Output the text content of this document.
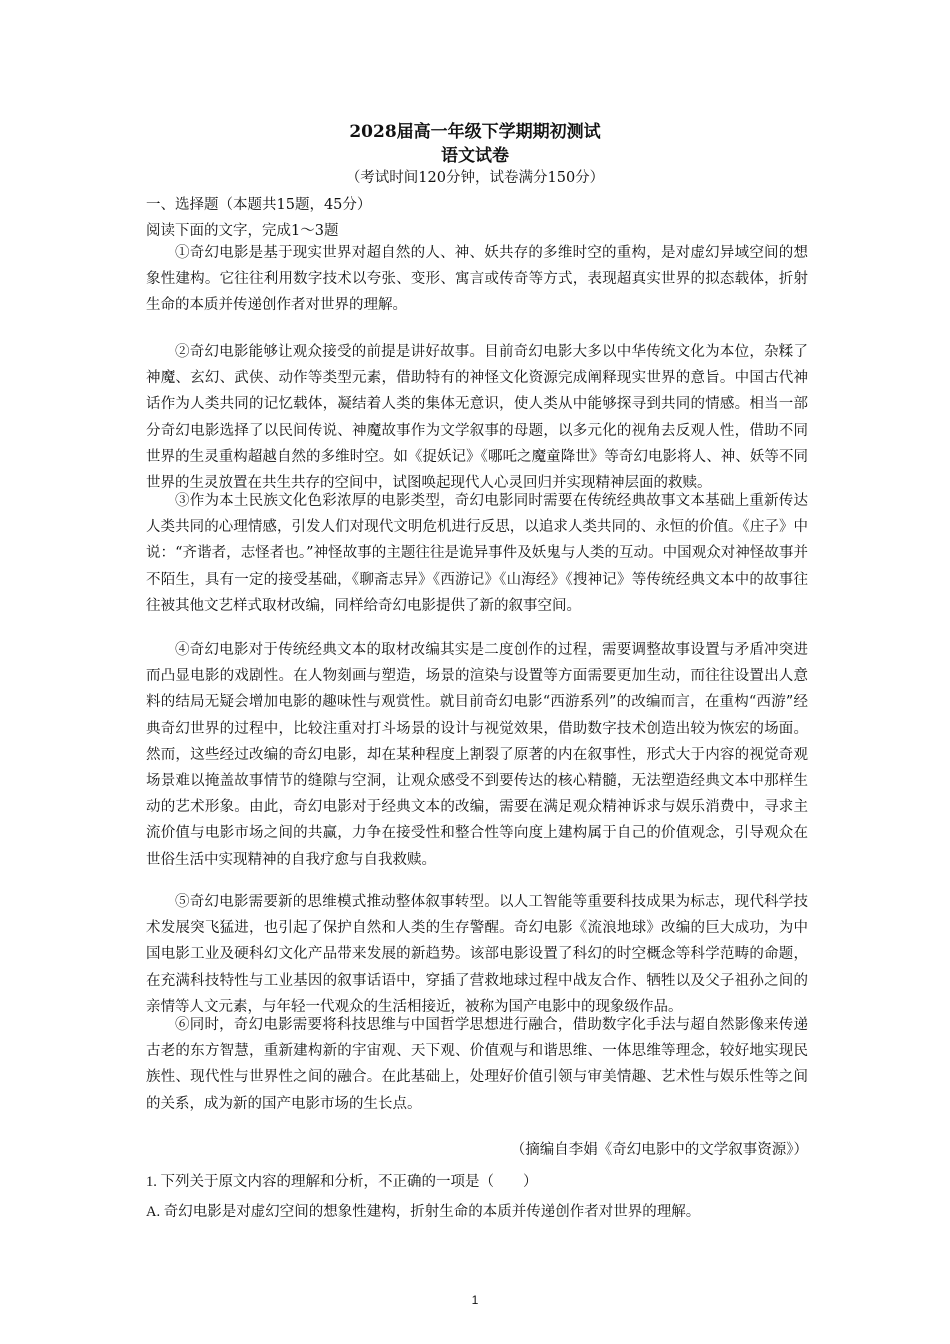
2028届高一年级下学期期初测试
语文试卷
（考试时间120分钟，试卷满分150分）
一、选择题（本题共15题，45分）
阅读下面的文字，完成1～3题

①奇幻电影是基于现实世界对超自然的人、神、妖共存的多维时空的重构，是对虚幻异域空间的想象性建构。它往往利用数字技术以夸张、变形、寓言或传奇等方式，表现超真实世界的拟态载体，折射生命的本质并传递创作者对世界的理解。

②奇幻电影能够让观众接受的前提是讲好故事。目前奇幻电影大多以中华传统文化为本位，杂糅了神魔、玄幻、武侠、动作等类型元素，借助特有的神怪文化资源完成阐释现实世界的意旨。中国古代神话作为人类共同的记忆载体，凝结着人类的集体无意识，使人类从中能够探寻到共同的情感。相当一部分奇幻电影选择了以民间传说、神魔故事作为文学叙事的母题，以多元化的视角去反观人性，借助不同世界的生灵重构超越自然的多维时空。如《捉妖记》《哪吒之魔童降世》等奇幻电影将人、神、妖等不同世界的生灵放置在共生共存的空间中，试图唤起现代人心灵回归并实现精神层面的救赎。

③作为本土民族文化色彩浓厚的电影类型，奇幻电影同时需要在传统经典故事文本基础上重新传达人类共同的心理情感，引发人们对现代文明危机进行反思，以追求人类共同的、永恒的价值。《庄子》中说：“齐谐者，志怪者也。”神怪故事的主题往往是诡异事件及妖鬼与人类的互动。中国观众对神怪故事并不陌生，具有一定的接受基础，《聊斋志异》《西游记》《山海经》《搜神记》等传统经典文本中的故事往往被其他文艺样式取材改编，同样给奇幻电影提供了新的叙事空间。

④奇幻电影对于传统经典文本的取材改编其实是二度创作的过程，需要调整故事设置与矛盾冲突进而凸显电影的戏剧性。在人物刻画与塑造，场景的渲染与设置等方面需要更加生动，而往往设置出人意料的结局无疑会增加电影的趣味性与观赏性。就目前奇幻电影“西游系列”的改编而言，在重构“西游”经典奇幻世界的过程中，比较注重对打斗场景的设计与视觉效果，借助数字技术创造出较为恢宏的场面。然而，这些经过改编的奇幻电影，却在某种程度上割裂了原著的内在叙事性，形式大于内容的视觉奇观场景难以掩盖故事情节的缝隙与空洞，让观众感受不到要传达的核心精髓，无法塑造经典文本中那样生动的艺术形象。由此，奇幻电影对于经典文本的改编，需要在满足观众精神诉求与娱乐消费中，寻求主流价值与电影市场之间的共赢，力争在接受性和整合性等向度上建构属于自己的价值观念，引导观众在世俗生活中实现精神的自我疗愈与自我救赎。

⑤奇幻电影需要新的思维模式推动整体叙事转型。以人工智能等重要科技成果为标志，现代科学技术发展突飞猛进，也引起了保护自然和人类的生存警醒。奇幻电影《流浪地球》改编的巨大成功，为中国电影工业及硬科幻文化产品带来发展的新趋势。该部电影设置了科幻的时空概念等科学范畴的命题，在充满科技特性与工业基因的叙事话语中，穿插了营救地球过程中战友合作、牺牲以及父子祖孙之间的亲情等人文元素，与年轻一代观众的生活相接近，被称为国产电影中的现象级作品。

⑥同时，奇幻电影需要将科技思维与中国哲学思想进行融合，借助数字化手法与超自然影像来传递古老的东方智慧，重新建构新的宇宙观、天下观、价值观与和谐思维、一体思维等理念，较好地实现民族性、现代性与世界性之间的融合。在此基础上，处理好价值引领与审美情趣、艺术性与娱乐性等之间的关系，成为新的国产电影市场的生长点。

（摘编自李娟《奇幻电影中的文学叙事资源》）
1. 下列关于原文内容的理解和分析，不正确的一项是（　　）
A. 奇幻电影是对虚幻空间的想象性建构，折射生命的本质并传递创作者对世界的理解。
1
